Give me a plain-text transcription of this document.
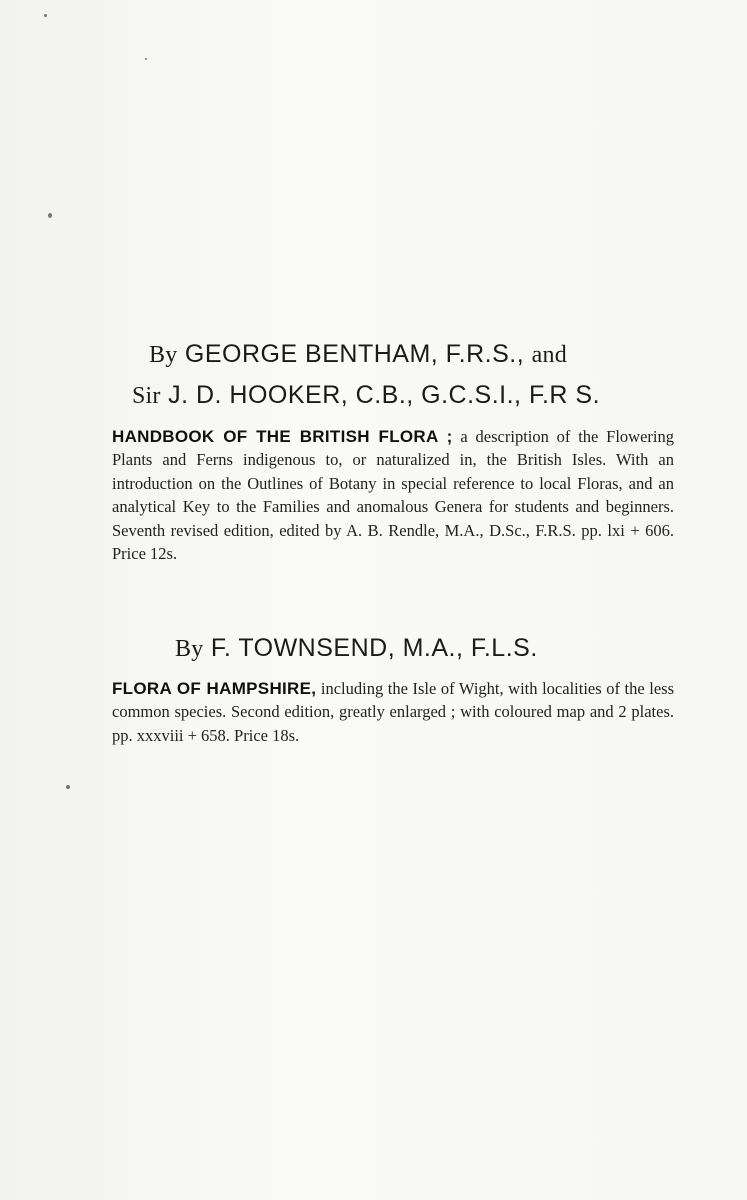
By GEORGE BENTHAM, F.R.S., and
Sir J. D. HOOKER, C.B., G.C.S.I., F.R S.
HANDBOOK OF THE BRITISH FLORA ; a description of the Flowering Plants and Ferns indigenous to, or naturalized in, the British Isles. With an introduction on the Outlines of Botany in special reference to local Floras, and an analytical Key to the Families and anomalous Genera for students and beginners. Seventh revised edition, edited by A. B. Rendle, M.A., D.Sc., F.R.S. pp. lxi + 606. Price 12s.
By F. TOWNSEND, M.A., F.L.S.
FLORA OF HAMPSHIRE, including the Isle of Wight, with localities of the less common species. Second edition, greatly enlarged ; with coloured map and 2 plates. pp. xxxviii + 658. Price 18s.
